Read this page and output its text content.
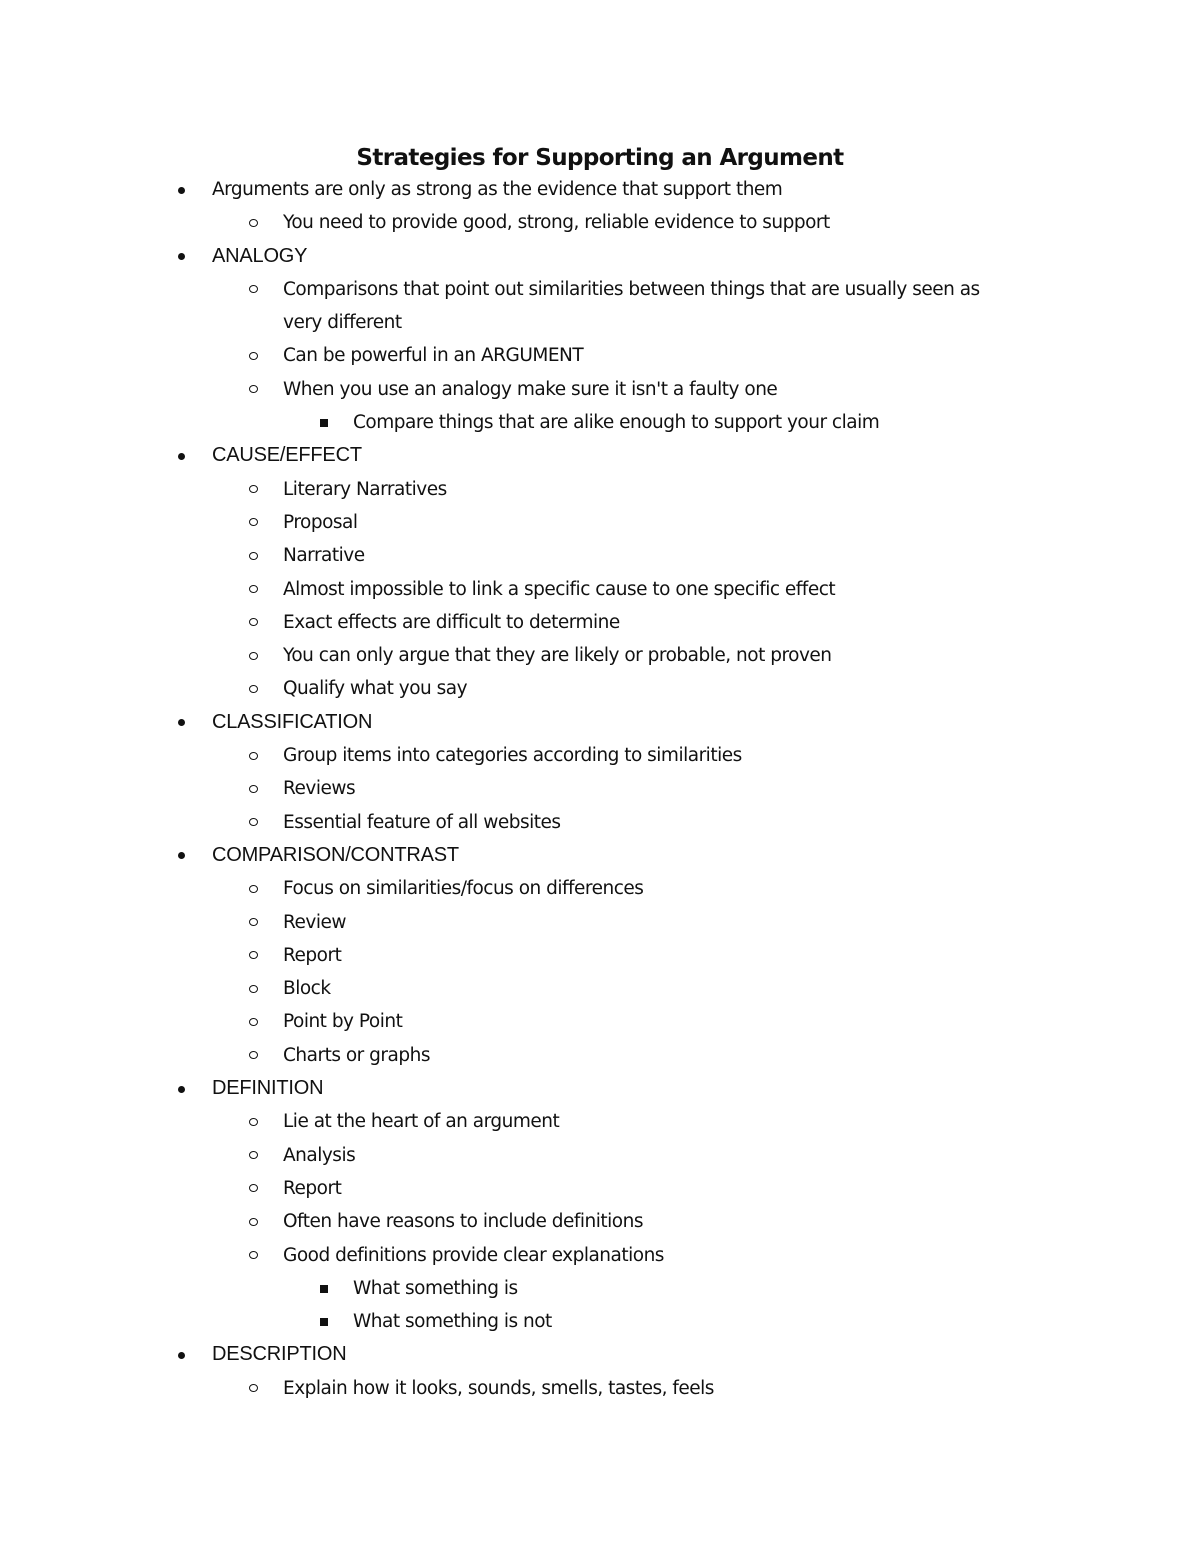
Strategies for Supporting an Argument
Arguments are only as strong as the evidence that support them
You need to provide good, strong, reliable evidence to support
ANALOGY
Comparisons that point out similarities between things that are usually seen as very different
Can be powerful in an ARGUMENT
When you use an analogy make sure it isn't a faulty one
Compare things that are alike enough to support your claim
CAUSE/EFFECT
Literary Narratives
Proposal
Narrative
Almost impossible to link a specific cause to one specific effect
Exact effects are difficult to determine
You can only argue that they are likely or probable, not proven
Qualify what you say
CLASSIFICATION
Group items into categories according to similarities
Reviews
Essential feature of all websites
COMPARISON/CONTRAST
Focus on similarities/focus on differences
Review
Report
Block
Point by Point
Charts or graphs
DEFINITION
Lie at the heart of an argument
Analysis
Report
Often have reasons to include definitions
Good definitions provide clear explanations
What something is
What something is not
DESCRIPTION
Explain how it looks, sounds, smells, tastes, feels
